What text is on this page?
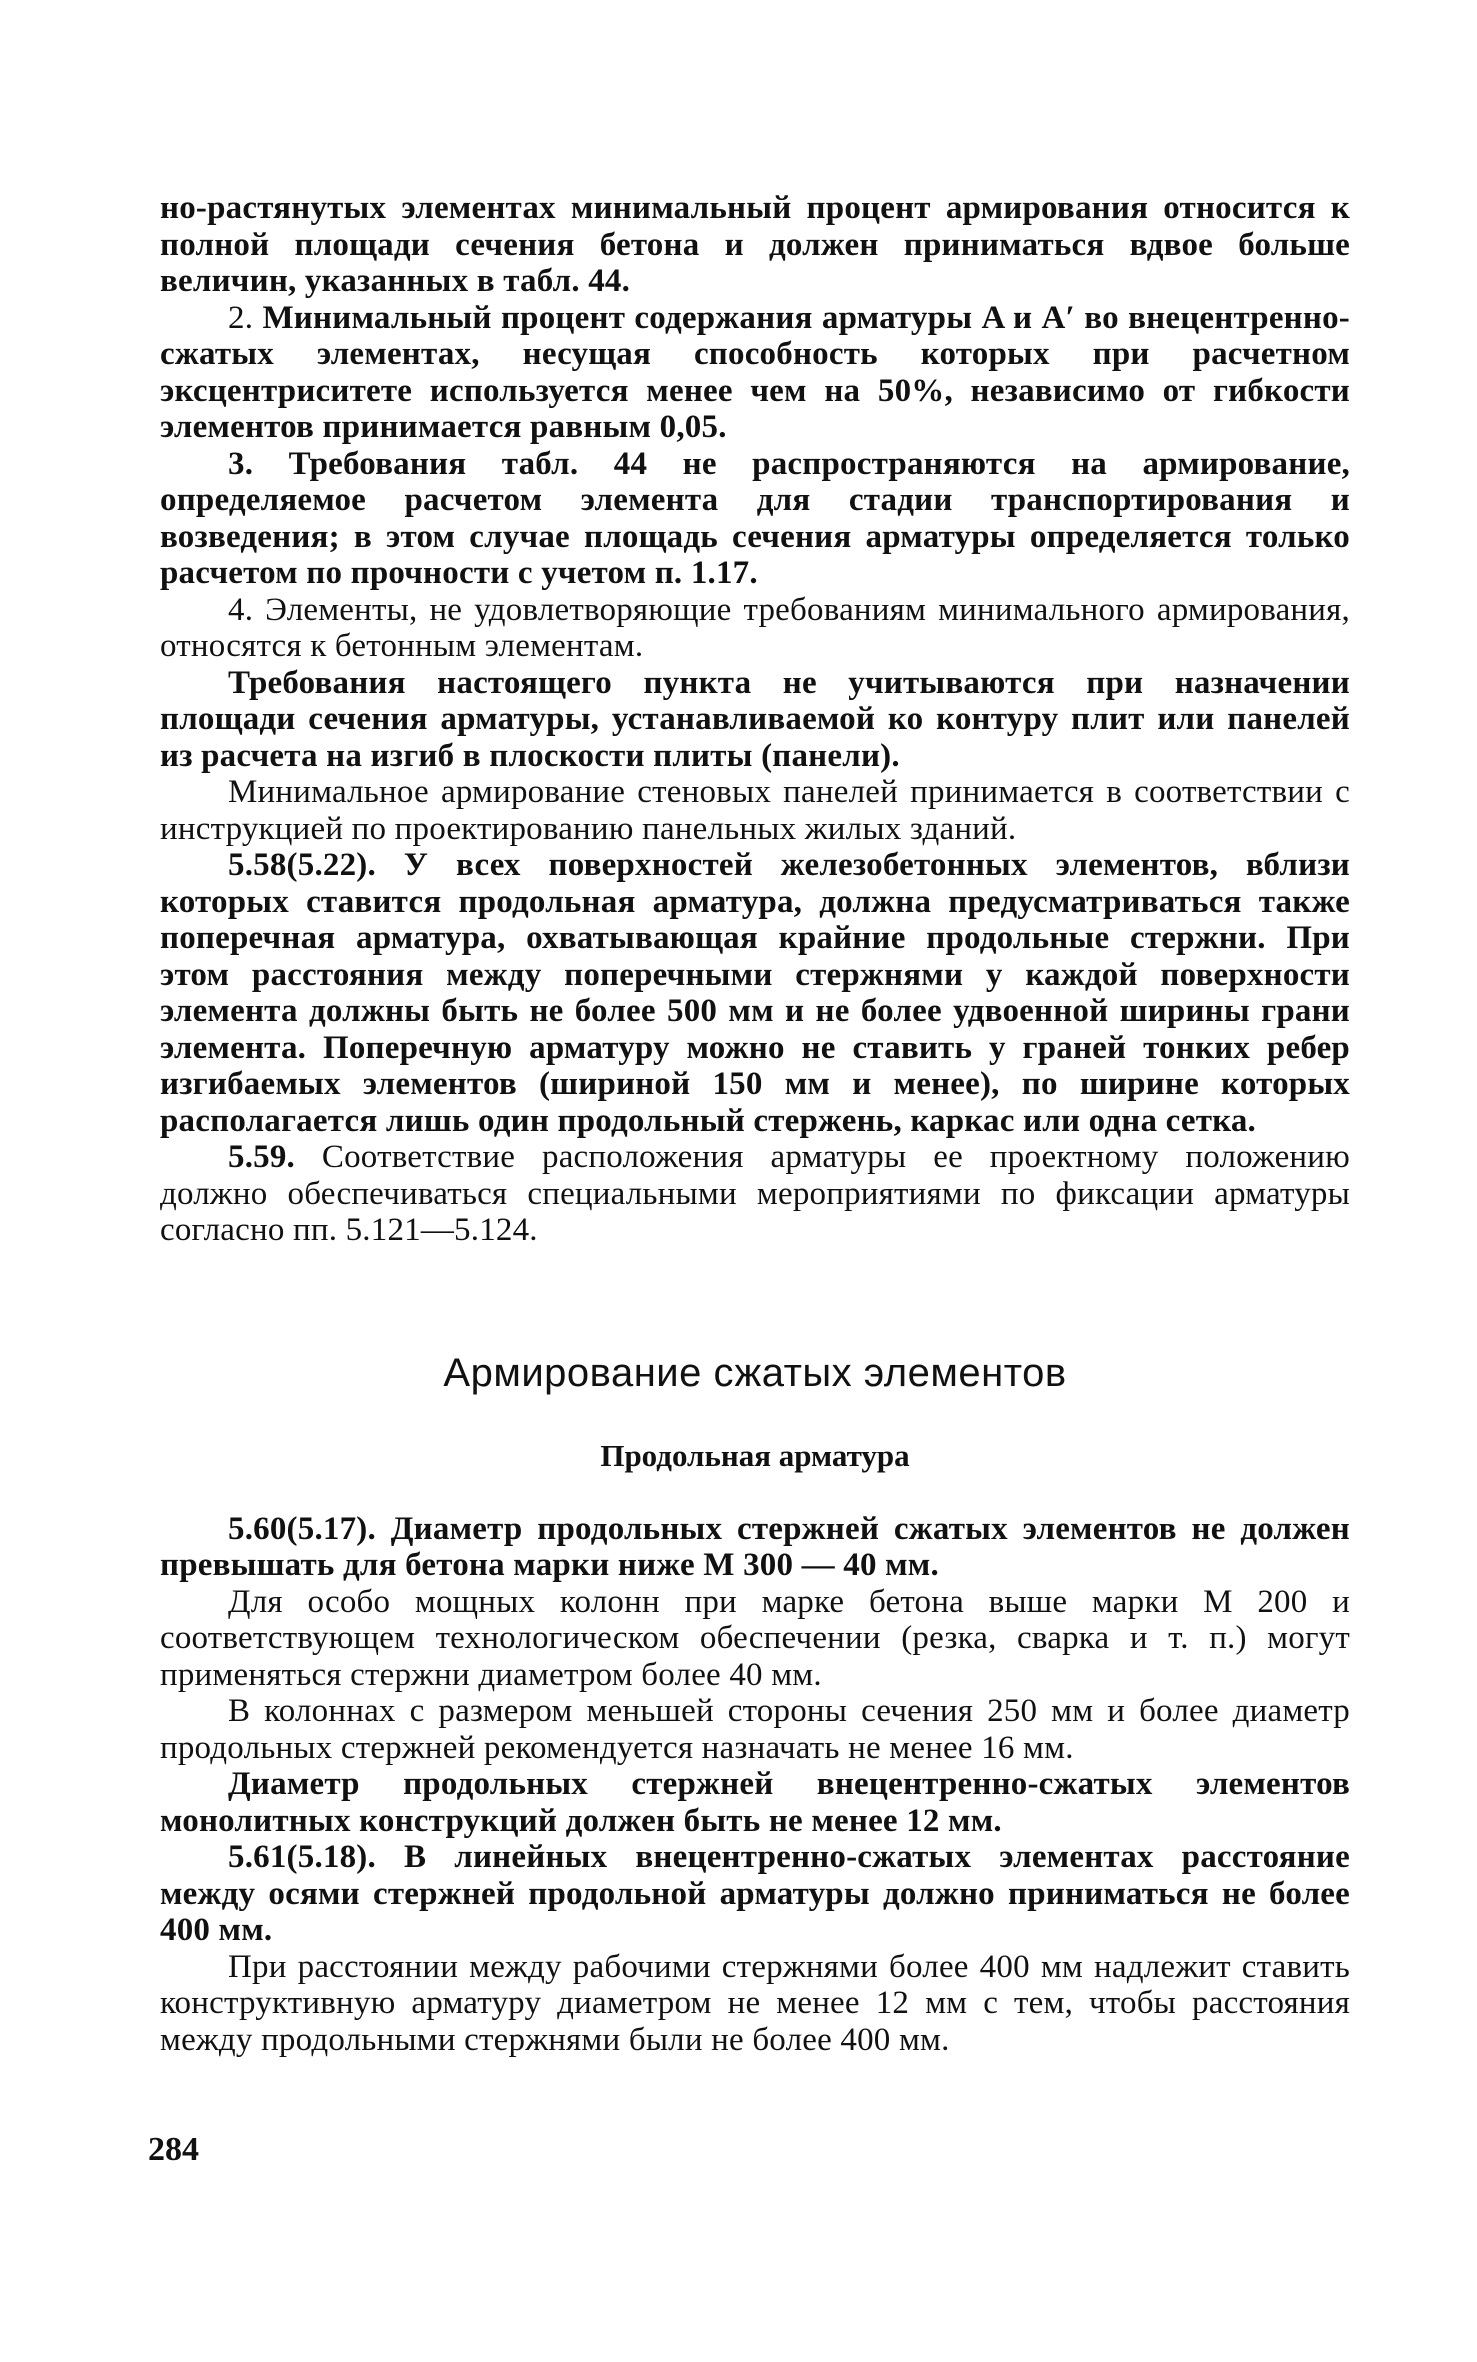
но-растянутых элементах минимальный процент армирования относится к полной площади сечения бетона и должен приниматься вдвое больше величин, указанных в табл. 44.

2. Минимальный процент содержания арматуры A и A′ во внецентренно-сжатых элементах, несущая способность которых при расчетном эксцентриситете используется менее чем на 50%, независимо от гибкости элементов принимается равным 0,05.

3. Требования табл. 44 не распространяются на армирование, определяемое расчетом элемента для стадии транспортирования и возведения; в этом случае площадь сечения арматуры определяется только расчетом по прочности с учетом п. 1.17.

4. Элементы, не удовлетворяющие требованиям минимального армирования, относятся к бетонным элементам.

Требования настоящего пункта не учитываются при назначении площади сечения арматуры, устанавливаемой ко контуру плит или панелей из расчета на изгиб в плоскости плиты (панели).

Минимальное армирование стеновых панелей принимается в соответствии с инструкцией по проектированию панельных жилых зданий.

5.58(5.22). У всех поверхностей железобетонных элементов, вблизи которых ставится продольная арматура, должна предусматриваться также поперечная арматура, охватывающая крайние продольные стержни. При этом расстояния между поперечными стержнями у каждой поверхности элемента должны быть не более 500 мм и не более удвоенной ширины грани элемента. Поперечную арматуру можно не ставить у граней тонких ребер изгибаемых элементов (шириной 150 мм и менее), по ширине которых располагается лишь один продольный стержень, каркас или одна сетка.

5.59. Соответствие расположения арматуры ее проектному положению должно обеспечиваться специальными мероприятиями по фиксации арматуры согласно пп. 5.121—5.124.

Армирование сжатых элементов
Продольная арматура

5.60(5.17). Диаметр продольных стержней сжатых элементов не должен превышать для бетона марки ниже М 300 — 40 мм.

Для особо мощных колонн при марке бетона выше марки М 200 и соответствующем технологическом обеспечении (резка, сварка и т. п.) могут применяться стержни диаметром более 40 мм.

В колоннах с размером меньшей стороны сечения 250 мм и более диаметр продольных стержней рекомендуется назначать не менее 16 мм.

Диаметр продольных стержней внецентренно-сжатых элементов монолитных конструкций должен быть не менее 12 мм.

5.61(5.18). В линейных внецентренно-сжатых элементах расстояние между осями стержней продольной арматуры должно приниматься не более 400 мм.

При расстоянии между рабочими стержнями более 400 мм надлежит ставить конструктивную арматуру диаметром не менее 12 мм с тем, чтобы расстояния между продольными стержнями были не более 400 мм.

284
